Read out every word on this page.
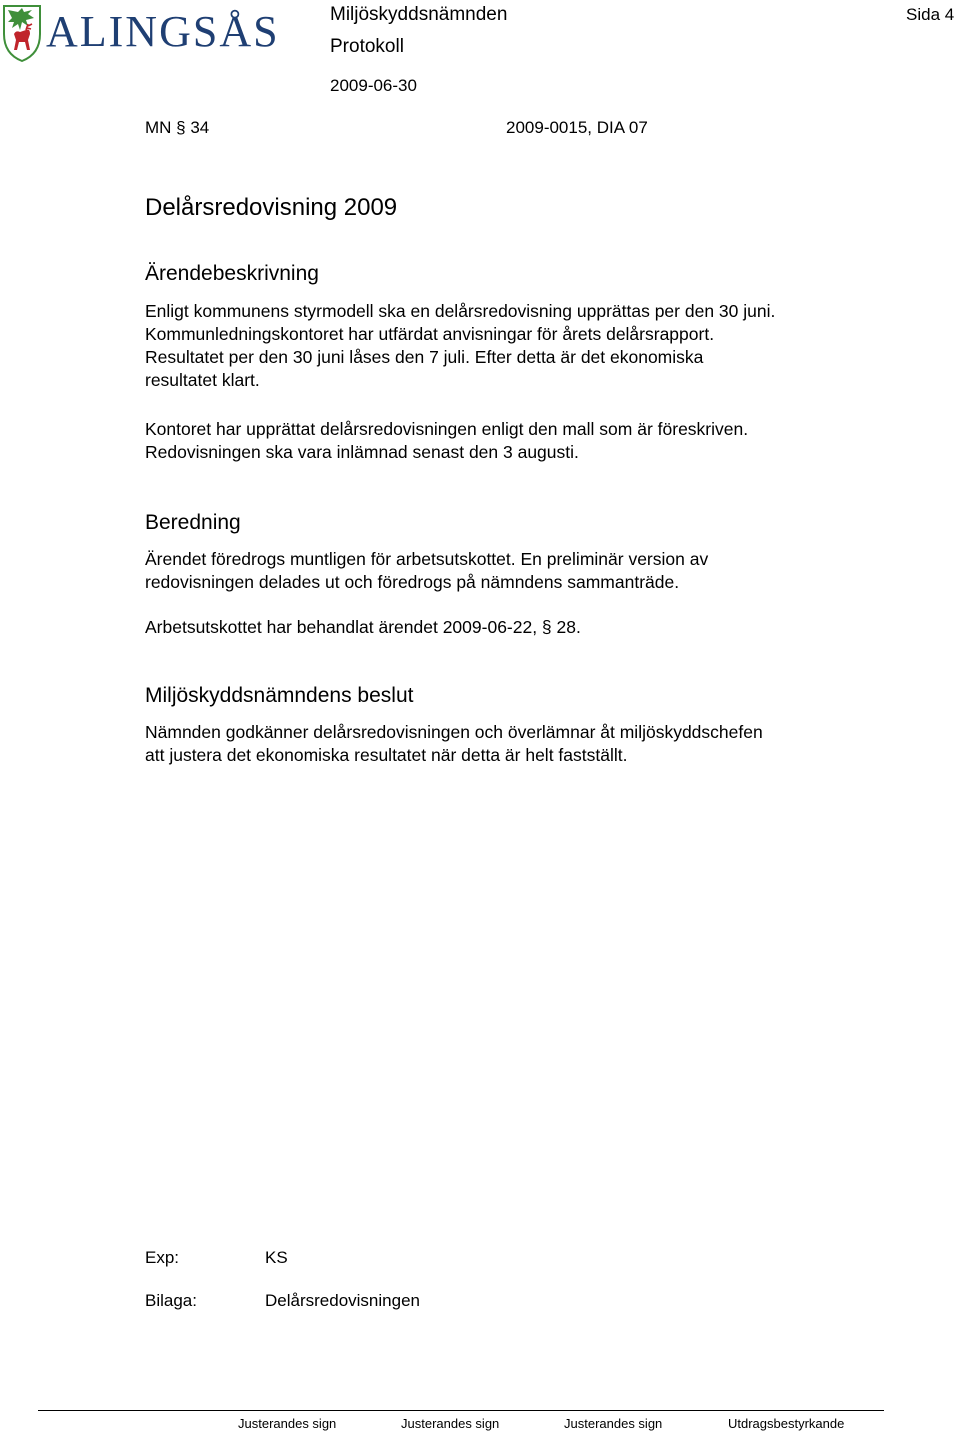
ALINGSÅS	Miljöskyddsnämnden
Protokoll
2009-06-30
Sida 4
MN § 34	2009-0015, DIA 07
Delårsredovisning 2009
Ärendebeskrivning
Enligt kommunens styrmodell ska en delårsredovisning upprättas per den 30 juni.
Kommunledningskontoret har utfärdat anvisningar för årets delårsrapport.
Resultatet per den 30 juni låses den 7 juli. Efter detta är det ekonomiska
resultatet klart.
Kontoret har upprättat delårsredovisningen enligt den mall som är föreskriven.
Redovisningen ska vara inlämnad senast den 3 augusti.
Beredning
Ärendet föredrogs muntligen för arbetsutskottet. En preliminär version av
redovisningen delades ut och föredrogs på nämndens sammanträde.
Arbetsutskottet har behandlat ärendet 2009-06-22, § 28.
Miljöskyddsnämndens beslut
Nämnden godkänner delårsredovisningen och överlämnar åt miljöskyddschefen
att justera det ekonomiska resultatet när detta är helt fastställt.
Exp:	KS
Bilaga:	Delårsredovisningen
Justerandes sign	Justerandes sign	Justerandes sign	Utdragsbestyrkande
